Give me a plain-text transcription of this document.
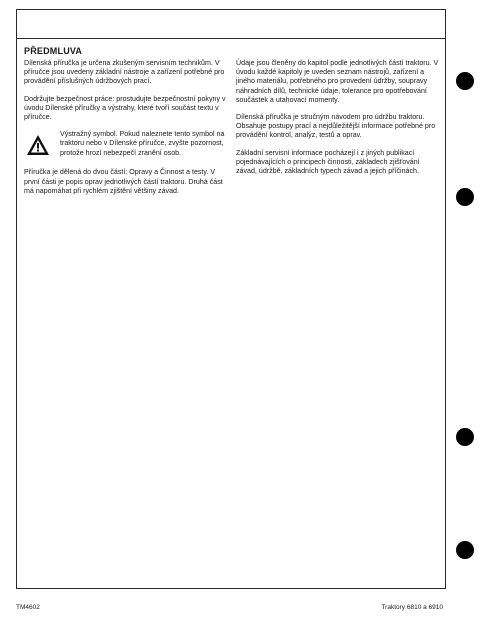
PŘEDMLUVA

Dílenská příručka je určena zkušeným servisním technikům. V příručce jsou uvedeny základní nástroje a zařízení potřebné pro provádění příslušných údržbových prací.

Dodržujte bezpečnost práce: prostudujte bezpečnostní pokyny v úvodu Dílenské příručky a výstrahy, které tvoří součást textu v příručce.

Výstražný symbol. Pokud naleznete tento symbol na traktoru nebo v Dílenské příručce, zvyšte pozornost, protože hrozí nebezpečí zranění osob.

Příručka je dělená do dvou částí: Opravy a Činnost a testy. V první části je popis oprav jednotlivých částí traktoru. Druhá část má napomáhat při rychlém zjištění většiny závad.

Údaje jsou členěny do kapitol podle jednotlivých částí traktoru. V úvodu každé kapitoly je uveden seznam nástrojů, zařízení a jiného materiálu, potřebného pro provedení údržby, soupravy náhradních dílů, technické údaje, tolerance pro opotřebování součástek a utahovací momenty.

Dílenská příručka je stručným návodem pro údržbu traktoru. Obsahuje postupy prací a nejdůležitější informace potřebné pro provádění kontrol, analýz, testů a oprav.

Základní servisní informace pocházejí i z jiných publikací pojednávajících o principech činnosti, základech zjišťování závad, údržbě, základních typech závad a jejich příčinách.

TM4602	Traktory 6810 a 6910
